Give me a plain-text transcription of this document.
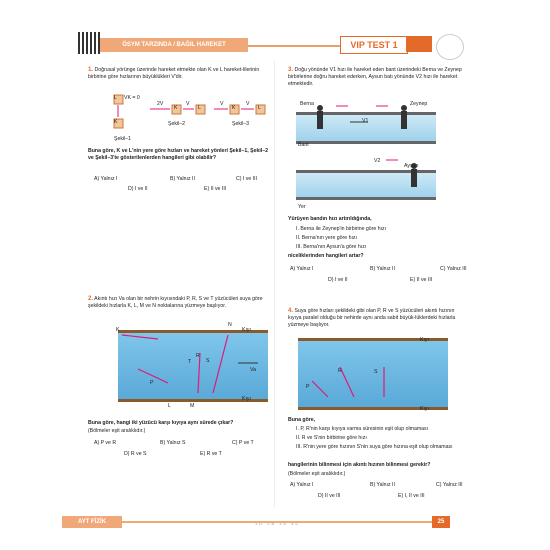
ÖSYM TARZINDA / BAĞIL HAREKET	VIP TEST 1
1. Doğrusal yörünge üzerinde hareket etmekte olan K ve L hareket-lilerinin birbirine göre hızlarının büyüklükleri V'dir.
L VK = 0
K
2V
K
V
L
V
K
V
L
Şekil–1
Şekil–2	Şekil–3
Buna göre, K ve L'nin yere göre hızları ve hareket yönleri Şekil–1, Şekil–2 ve Şekil–3'te gösterilenlerden hangileri gibi olabilir?
A) Yalnız I	B) Yalnız II	C) I ve III
D) I ve II	E) II ve III
2. Akıntı hızı Va olan bir nehrin kıyısındaki P, R, S ve T yüzücüleri suya göre şekildeki hızlarla K, L, M ve N noktalarına yüzmeye başlıyor.
K
N
Kıyı
Kıyı
L	M
P
R
S
T
Va
Buna göre, hangi iki yüzücü karşı kıyıya aynı sürede çıkar?
(Bölmeler eşit aralıklıdır.)
A) P ve R	B) Yalnız S	C) P ve T
D) R ve S	E) R ve T
3. Doğu yönünde V1 hızı ile hareket eden bant üzerindeki Berna ve Zeynep birbirlerine doğru hareket ederken, Aysun batı yönünde V2 hızı ile hareket etmektedir.
Berna	Zeynep
V1
Bant
V2
Aysun
Yer
Yürüyen bandın hızı artırıldığında,
I. Berna ile Zeynep'in birbirine göre hızı
II. Berna'nın yere göre hızı
III. Berna'nın Aysun'a göre hızı
niceliklerinden hangileri artar?
A) Yalnız I	B) Yalnız II	C) Yalnız III
D) I ve II	E) II ve III
4. Suya göre hızları şekildeki gibi olan P, R ve S yüzücüleri akıntı hızının kıyıya paralel olduğu bir nehirde aynı anda sabit büyük-lüklerdeki hızlarla yüzmeye başlıyor.
Kıyı
Kıyı
P
R	S
Buna göre,
I. P, R'nin karşı kıyıya varma süresinin eşit olup olmaması
II. R ve S'nin birbirine göre hızı
III. R'nin yere göre hızının S'nin suya göre hızına eşit olup olmaması
hangilerinin bilinmesi için akıntı hızının bilinmesi gerekir?
(Bölmeler eşit aralıklıdır.)
A) Yalnız I	B) Yalnız II	C) Yalnız III
D) II ve III	E) I, II ve III
AYT FİZİK	1D 2B 3E 4C	25
